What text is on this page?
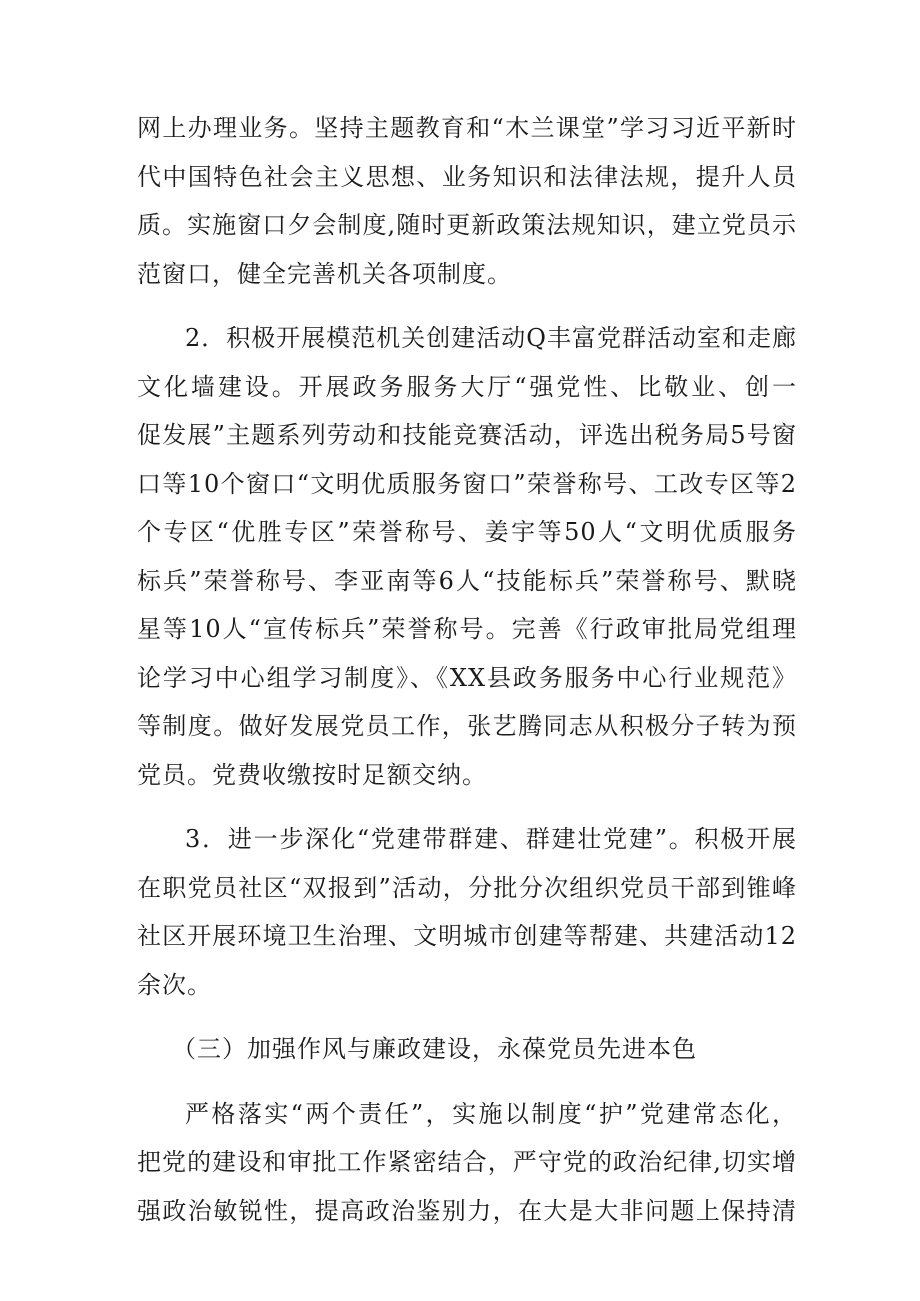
网上办理业务。坚持主题教育和“木兰课堂”学习习近平新时
代中国特色社会主义思想、业务知识和法律法规，提升人员
质。实施窗口夕会制度,随时更新政策法规知识，建立党员示
范窗口，健全完善机关各项制度。
2．积极开展模范机关创建活动Q丰富党群活动室和走廊
文化墙建设。开展政务服务大厅“强党性、比敬业、创一
促发展”主题系列劳动和技能竞赛活动，评选出税务局5号窗
口等10个窗口“文明优质服务窗口”荣誉称号、工改专区等2
个专区“优胜专区”荣誉称号、姜宇等50人“文明优质服务
标兵”荣誉称号、李亚南等6人“技能标兵”荣誉称号、默晓
星等10人“宣传标兵”荣誉称号。完善《行政审批局党组理
论学习中心组学习制度》、《XX县政务服务中心行业规范》
等制度。做好发展党员工作，张艺腾同志从积极分子转为预
党员。党费收缴按时足额交纳。
3．进一步深化“党建带群建、群建壮党建”。积极开展
在职党员社区“双报到”活动，分批分次组织党员干部到锥峰
社区开展环境卫生治理、文明城市创建等帮建、共建活动12
余次。
（三）加强作风与廉政建设，永葆党员先进本色
严格落实“两个责任”，实施以制度“护”党建常态化，
把党的建设和审批工作紧密结合，严守党的政治纪律,切实增
强政治敏锐性，提高政治鉴别力，在大是大非问题上保持清
